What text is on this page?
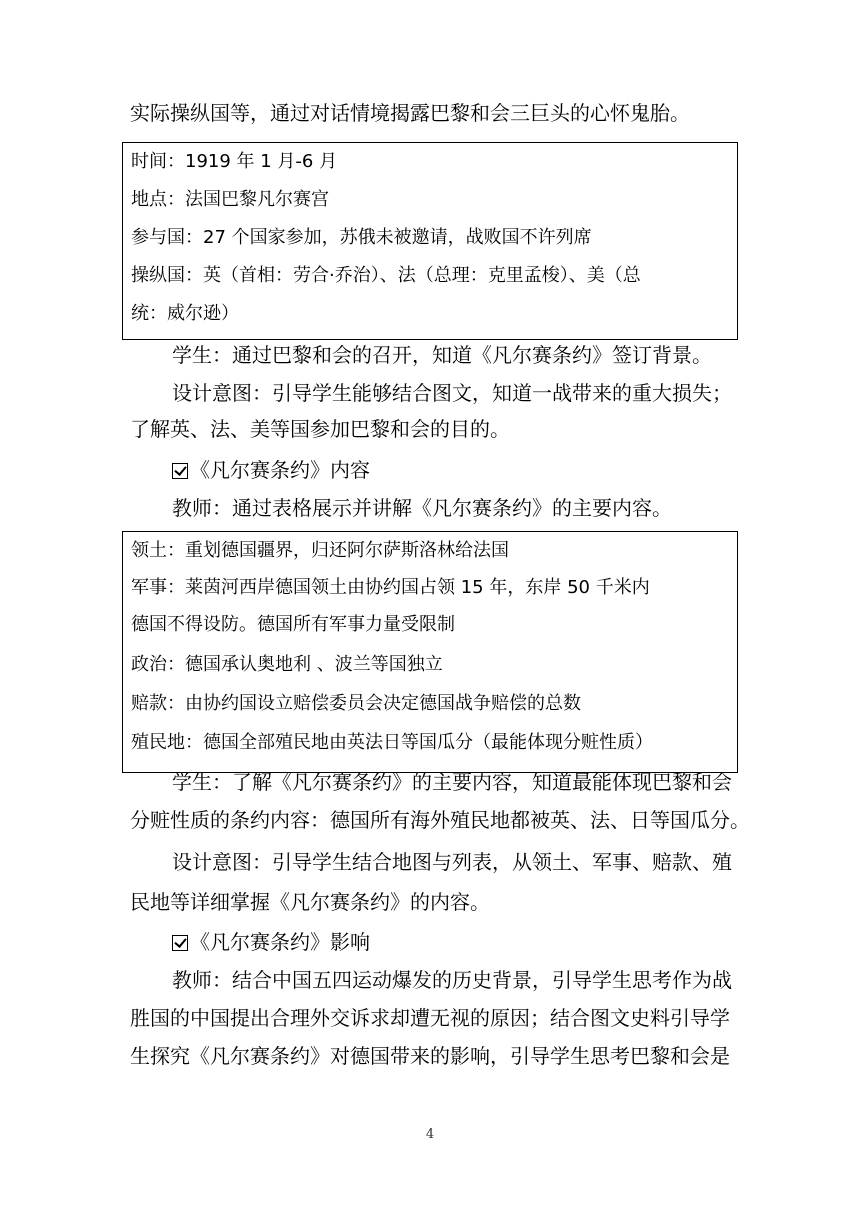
实际操纵国等，通过对话情境揭露巴黎和会三巨头的心怀鬼胎。
时间：1919 年 1 月-6 月
地点：法国巴黎凡尔赛宫
参与国：27 个国家参加，苏俄未被邀请，战败国不许列席
操纵国：英（首相：劳合·乔治）、法（总理：克里孟梭）、美（总
统：威尔逊）
学生：通过巴黎和会的召开，知道《凡尔赛条约》签订背景。
设计意图：引导学生能够结合图文，知道一战带来的重大损失；
了解英、法、美等国参加巴黎和会的目的。
《凡尔赛条约》内容
教师：通过表格展示并讲解《凡尔赛条约》的主要内容。
领土：重划德国疆界，归还阿尔萨斯洛林给法国
军事：莱茵河西岸德国领土由协约国占领 15 年，东岸 50 千米内
德国不得设防。德国所有军事力量受限制
政治：德国承认奥地利 、波兰等国独立
赔款：由协约国设立赔偿委员会决定德国战争赔偿的总数
殖民地：德国全部殖民地由英法日等国瓜分（最能体现分赃性质）
学生：了解《凡尔赛条约》的主要内容，知道最能体现巴黎和会
分赃性质的条约内容：德国所有海外殖民地都被英、法、日等国瓜分。
设计意图：引导学生结合地图与列表，从领土、军事、赔款、殖
民地等详细掌握《凡尔赛条约》的内容。
《凡尔赛条约》影响
教师：结合中国五四运动爆发的历史背景，引导学生思考作为战
胜国的中国提出合理外交诉求却遭无视的原因；结合图文史料引导学
生探究《凡尔赛条约》对德国带来的影响，引导学生思考巴黎和会是
4
